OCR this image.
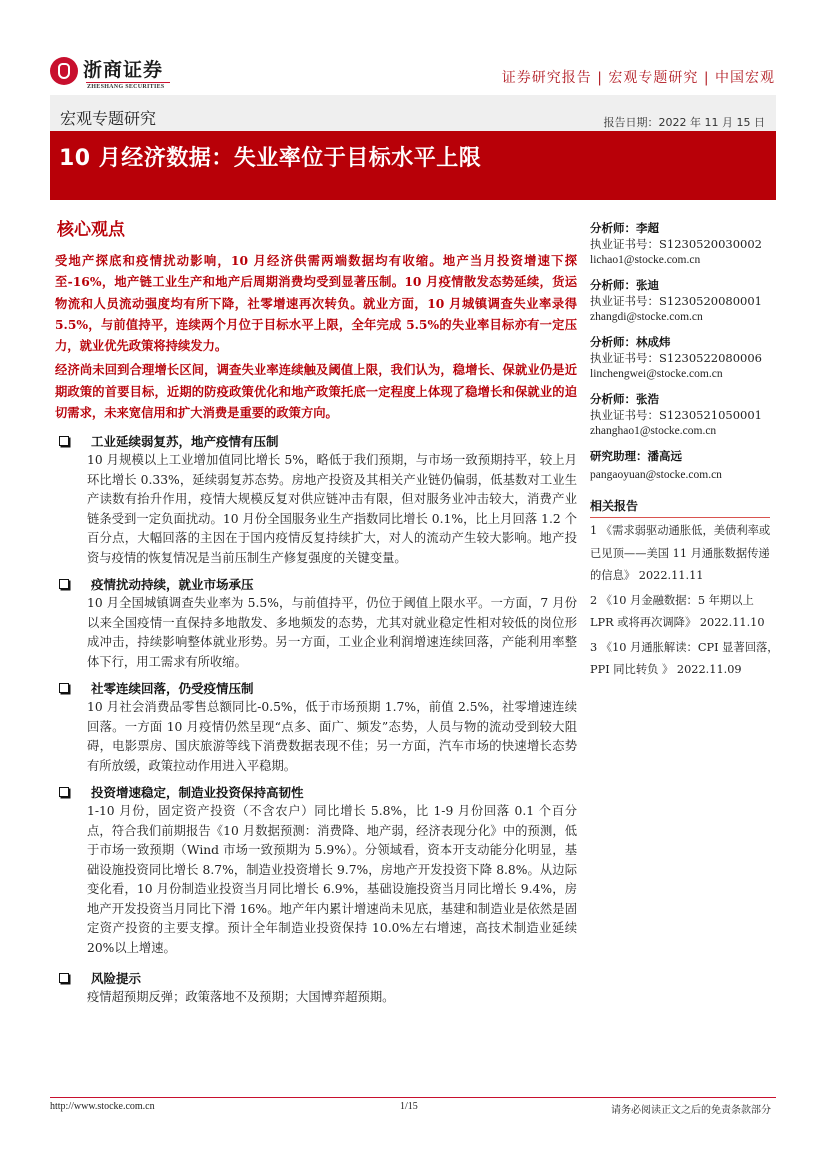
浙商证券
ZHESHANG SECURITIES
证券研究报告 | 宏观专题研究 | 中国宏观
宏观专题研究	报告日期：2022 年 11 月 15 日
10 月经济数据：失业率位于目标水平上限
核心观点

受地产探底和疫情扰动影响，10 月经济供需两端数据均有收缩。地产当月投资增速下探至-16%，地产链工业生产和地产后周期消费均受到显著压制。10 月疫情散发态势延续，货运物流和人员流动强度均有所下降，社零增速再次转负。就业方面，10 月城镇调查失业率录得 5.5%，与前值持平，连续两个月位于目标水平上限，全年完成 5.5%的失业率目标亦有一定压力，就业优先政策将持续发力。

经济尚未回到合理增长区间，调查失业率连续触及阈值上限，我们认为，稳增长、保就业仍是近期政策的首要目标，近期的防疫政策优化和地产政策托底一定程度上体现了稳增长和保就业的迫切需求，未来宽信用和扩大消费是重要的政策方向。

工业延续弱复苏，地产疫情有压制
10 月规模以上工业增加值同比增长 5%，略低于我们预期，与市场一致预期持平，较上月环比增长 0.33%，延续弱复苏态势。房地产投资及其相关产业链仍偏弱，低基数对工业生产读数有抬升作用，疫情大规模反复对供应链冲击有限，但对服务业冲击较大，消费产业链条受到一定负面扰动。10 月份全国服务业生产指数同比增长 0.1%，比上月回落 1.2 个百分点，大幅回落的主因在于国内疫情反复持续扩大，对人的流动产生较大影响。地产投资与疫情的恢复情况是当前压制生产修复强度的关键变量。
疫情扰动持续，就业市场承压
10 月全国城镇调查失业率为 5.5%，与前值持平，仍位于阈值上限水平。一方面，7 月份以来全国疫情一直保持多地散发、多地频发的态势，尤其对就业稳定性相对较低的岗位形成冲击，持续影响整体就业形势。另一方面，工业企业利润增速连续回落，产能利用率整体下行，用工需求有所收缩。
社零连续回落，仍受疫情压制
10 月社会消费品零售总额同比-0.5%，低于市场预期 1.7%，前值 2.5%，社零增速连续回落。一方面 10 月疫情仍然呈现“点多、面广、频发”态势，人员与物的流动受到较大阻碍，电影票房、国庆旅游等线下消费数据表现不佳；另一方面，汽车市场的快速增长态势有所放缓，政策拉动作用进入平稳期。
投资增速稳定，制造业投资保持高韧性
1-10 月份，固定资产投资（不含农户）同比增长 5.8%，比 1-9 月份回落 0.1 个百分点，符合我们前期报告《10 月数据预测：消费降、地产弱，经济表现分化》中的预测，低于市场一致预期（Wind 市场一致预期为 5.9%）。分领域看，资本开支动能分化明显，基础设施投资同比增长 8.7%，制造业投资增长 9.7%，房地产开发投资下降 8.8%。从边际变化看，10 月份制造业投资当月同比增长 6.9%，基础设施投资当月同比增长 9.4%，房地产开发投资当月同比下滑 16%。地产年内累计增速尚未见底，基建和制造业是依然是固定资产投资的主要支撑。预计全年制造业投资保持 10.0%左右增速，高技术制造业延续 20%以上增速。
风险提示
疫情超预期反弹；政策落地不及预期；大国博弈超预期。
分析师：李超
执业证书号：S1230520030002
lichao1@stocke.com.cn
分析师：张迪
执业证书号：S1230520080001
zhangdi@stocke.com.cn
分析师：林成炜
执业证书号：S1230522080006
linchengwei@stocke.com.cn
分析师：张浩
执业证书号：S1230521050001
zhanghao1@stocke.com.cn
研究助理：潘高远
pangaoyuan@stocke.com.cn
相关报告
1 《需求弱驱动通胀低，美债利率或已见顶——美国 11 月通胀数据传递的信息》 2022.11.11
2 《10 月金融数据：5 年期以上 LPR 或将再次调降》 2022.11.10
3 《10 月通胀解读：CPI 显著回落，PPI 同比转负 》 2022.11.09
http://www.stocke.com.cn	1/15	请务必阅读正文之后的免责条款部分
